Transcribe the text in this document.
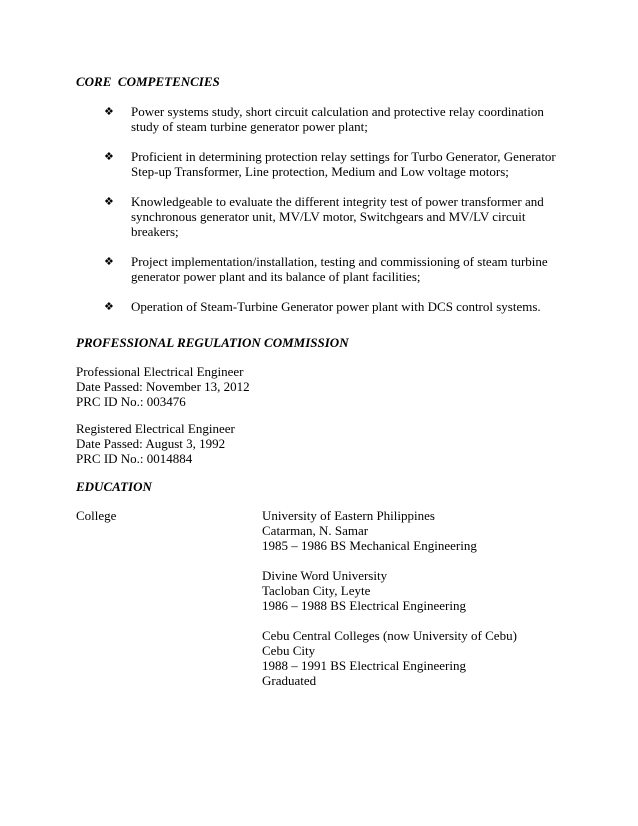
CORE  COMPETENCIES
❖ Power systems study, short circuit calculation and protective relay coordination study of steam turbine generator power plant;
❖ Proficient in determining protection relay settings for Turbo Generator, Generator Step-up Transformer, Line protection, Medium and Low voltage motors;
❖ Knowledgeable to evaluate the different integrity test of power transformer and synchronous generator unit, MV/LV motor, Switchgears and MV/LV circuit breakers;
❖ Project implementation/installation, testing and commissioning of steam turbine generator power plant and its balance of plant facilities;
❖ Operation of Steam-Turbine Generator power plant with DCS control systems.
PROFESSIONAL REGULATION COMMISSION
Professional Electrical Engineer
Date Passed: November 13, 2012
PRC ID No.: 003476
Registered Electrical Engineer
Date Passed: August 3, 1992
PRC ID No.: 0014884
EDUCATION
College	University of Eastern Philippines
Catarman, N. Samar
1985 – 1986 BS Mechanical Engineering
Divine Word University
Tacloban City, Leyte
1986 – 1988 BS Electrical Engineering
Cebu Central Colleges (now University of Cebu)
Cebu City
1988 – 1991 BS Electrical Engineering
Graduated
